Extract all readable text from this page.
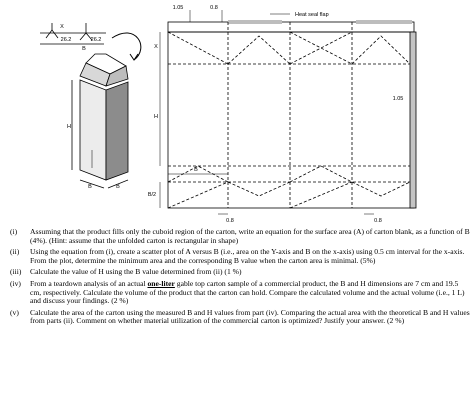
X
26.2	26.2
B
H
B	B
1.05	0.8
Heat seal flap
X
H
1.05
B
B/2
0.8	0.8
(i) Assuming that the product fills only the cuboid region of the carton, write an equation for the surface area (A) of carton blank, as a function of B (4%). (Hint: assume that the unfolded carton is rectangular in shape)
(ii) Using the equation from (i), create a scatter plot of A versus B (i.e., area on the Y-axis and B on the x-axis) using 0.5 cm interval for the x-axis. From the plot, determine the minimum area and the corresponding B value when the carton area is minimal. (5%)
(iii) Calculate the value of H using the B value determined from (ii) (1 %)
(iv) From a teardown analysis of an actual one-liter gable top carton sample of a commercial product, the B and H dimensions are 7 cm and 19.5 cm, respectively. Calculate the volume of the product that the carton can hold. Compare the calculated volume and the actual volume (i.e., 1 L) and discuss your findings. (2 %)
(v) Calculate the area of the carton using the measured B and H values from part (iv). Comparing the actual area with the theoretical B and H values from parts (ii). Comment on whether material utilization of the commercial carton is optimized? Justify your answer. (2 %)
